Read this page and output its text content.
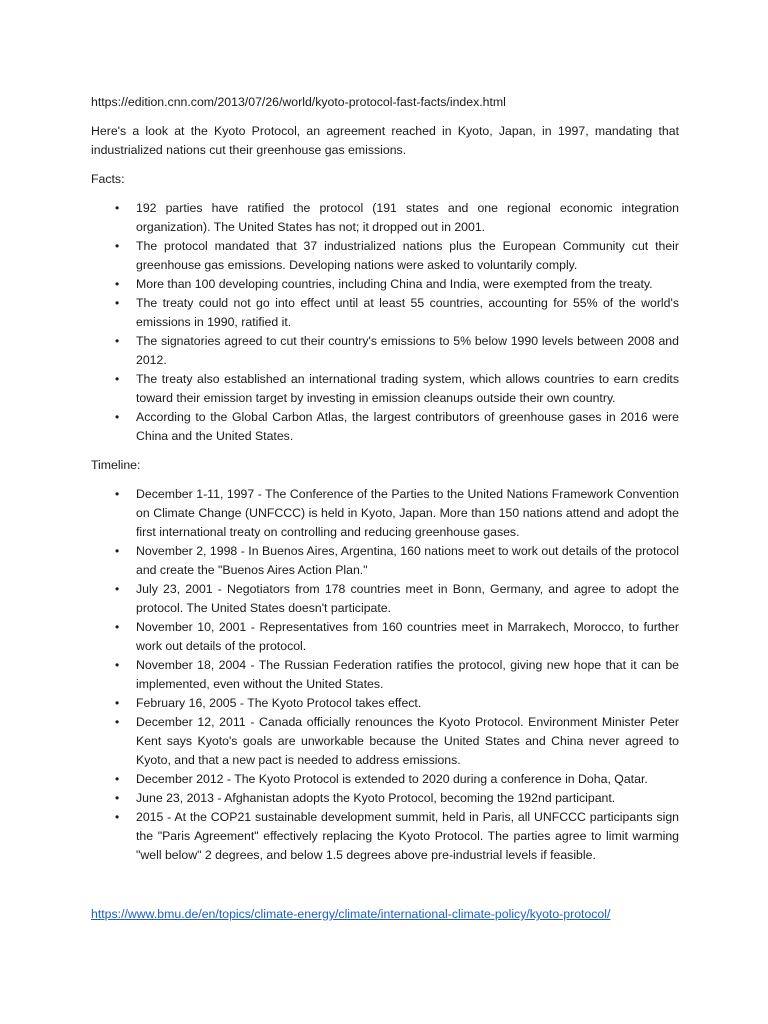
https://edition.cnn.com/2013/07/26/world/kyoto-protocol-fast-facts/index.html

Here's a look at the Kyoto Protocol, an agreement reached in Kyoto, Japan, in 1997, mandating that industrialized nations cut their greenhouse gas emissions.

Facts:

• 192 parties have ratified the protocol (191 states and one regional economic integration organization). The United States has not; it dropped out in 2001.
• The protocol mandated that 37 industrialized nations plus the European Community cut their greenhouse gas emissions. Developing nations were asked to voluntarily comply.
• More than 100 developing countries, including China and India, were exempted from the treaty.
• The treaty could not go into effect until at least 55 countries, accounting for 55% of the world's emissions in 1990, ratified it.
• The signatories agreed to cut their country's emissions to 5% below 1990 levels between 2008 and 2012.
• The treaty also established an international trading system, which allows countries to earn credits toward their emission target by investing in emission cleanups outside their own country.
• According to the Global Carbon Atlas, the largest contributors of greenhouse gases in 2016 were China and the United States.

Timeline:

• December 1-11, 1997 - The Conference of the Parties to the United Nations Framework Convention on Climate Change (UNFCCC) is held in Kyoto, Japan. More than 150 nations attend and adopt the first international treaty on controlling and reducing greenhouse gases.
• November 2, 1998 - In Buenos Aires, Argentina, 160 nations meet to work out details of the protocol and create the "Buenos Aires Action Plan."
• July 23, 2001 - Negotiators from 178 countries meet in Bonn, Germany, and agree to adopt the protocol. The United States doesn't participate.
• November 10, 2001 - Representatives from 160 countries meet in Marrakech, Morocco, to further work out details of the protocol.
• November 18, 2004 - The Russian Federation ratifies the protocol, giving new hope that it can be implemented, even without the United States.
• February 16, 2005 - The Kyoto Protocol takes effect.
• December 12, 2011 - Canada officially renounces the Kyoto Protocol. Environment Minister Peter Kent says Kyoto's goals are unworkable because the United States and China never agreed to Kyoto, and that a new pact is needed to address emissions.
• December 2012 - The Kyoto Protocol is extended to 2020 during a conference in Doha, Qatar.
• June 23, 2013 - Afghanistan adopts the Kyoto Protocol, becoming the 192nd participant.
• 2015 - At the COP21 sustainable development summit, held in Paris, all UNFCCC participants sign the "Paris Agreement" effectively replacing the Kyoto Protocol. The parties agree to limit warming "well below" 2 degrees, and below 1.5 degrees above pre-industrial levels if feasible.
https://www.bmu.de/en/topics/climate-energy/climate/international-climate-policy/kyoto-protocol/
